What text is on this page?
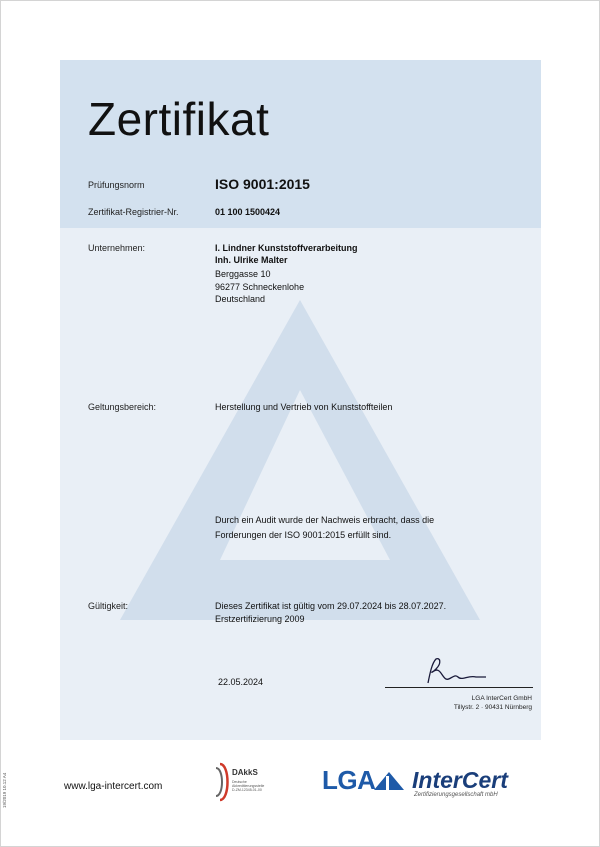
Zertifikat
Prüfungsnorm	ISO 9001:2015
Zertifikat-Registrier-Nr.	01 100 1500424
Unternehmen:	I. Lindner Kunststoffverarbeitung
Inh. Ulrike Malter
Berggasse 10
96277 Schneckenlohe
Deutschland
Geltungsbereich:	Herstellung und Vertrieb von Kunststoffteilen
Durch ein Audit wurde der Nachweis erbracht, dass die
Forderungen der ISO 9001:2015 erfüllt sind.
Gültigkeit:	Dieses Zertifikat ist gültig vom 29.07.2024 bis 28.07.2027.
Erstzertifizierung 2009
22.05.2024
LGA InterCert GmbH
Tillystr. 2 · 90431 Nürnberg
www.lga-intercert.com
DAkkS
Deutsche
Akkreditierungsstelle
D-ZM-12345-01-00 LGA InterCert
Zertifizierungsgesellschaft mbH
19/2019 10.12 A4
